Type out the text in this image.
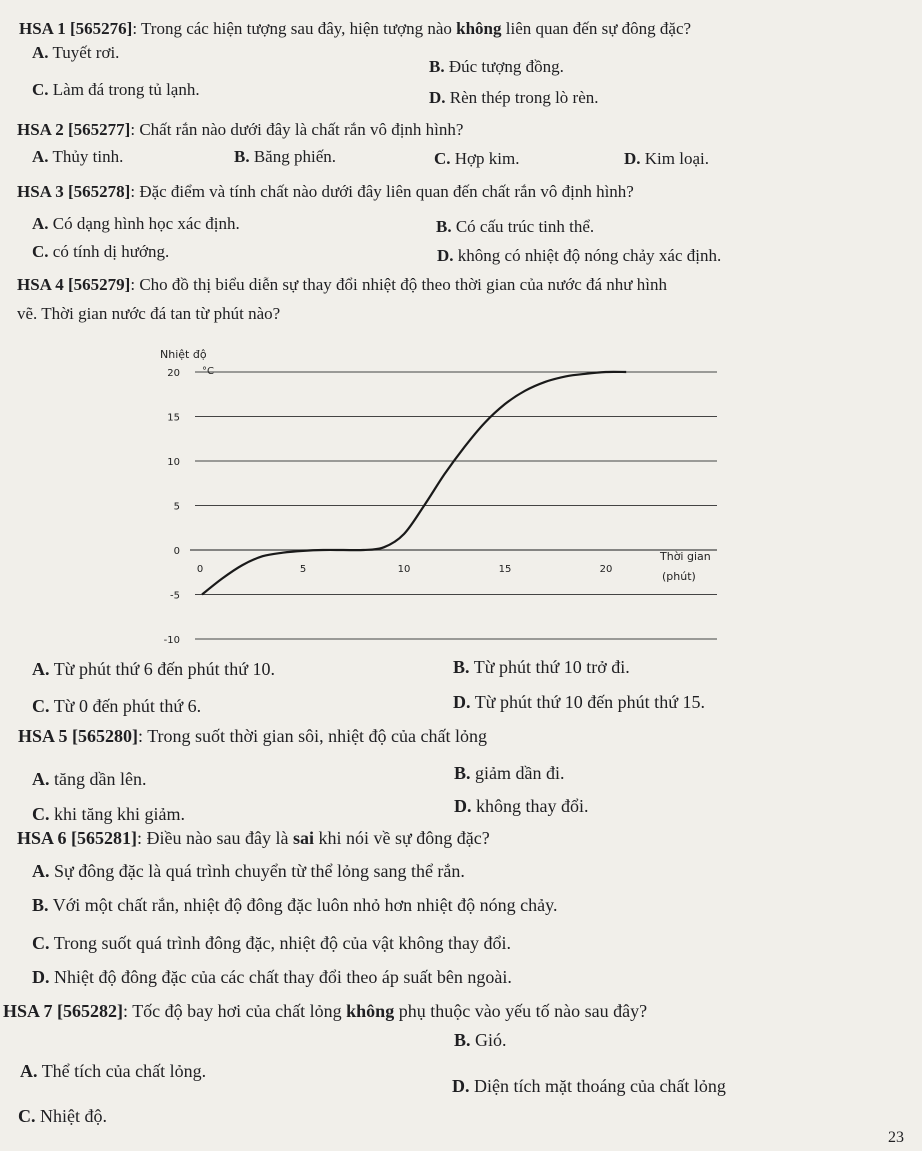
HSA 1 [565276]: Trong các hiện tượng sau đây, hiện tượng nào không liên quan đến sự đông đặc?
A. Tuyết rơi.
B. Đúc tượng đồng.
C. Làm đá trong tủ lạnh.	D. Rèn thép trong lò rèn.
HSA 2 [565277]: Chất rắn nào dưới đây là chất rắn vô định hình?
A. Thủy tinh.	B. Băng phiến.	C. Hợp kim.	D. Kim loại.
HSA 3 [565278]: Đặc điểm và tính chất nào dưới đây liên quan đến chất rắn vô định hình?
A. Có dạng hình học xác định.	B. Có cấu trúc tinh thể.
C. có tính dị hướng.	D. không có nhiệt độ nóng chảy xác định.
HSA 4 [565279]: Cho đồ thị biểu diễn sự thay đổi nhiệt độ theo thời gian của nước đá như hình
vẽ. Thời gian nước đá tan từ phút nào?
20
15
10
5
0
-5
-10
0	5	10	15	20
Nhiệt độ
°C
Thời gian
(phút)
A. Từ phút thứ 6 đến phút thứ 10.	B. Từ phút thứ 10 trở đi.
C. Từ 0 đến phút thứ 6.	D. Từ phút thứ 10 đến phút thứ 15.
HSA 5 [565280]: Trong suốt thời gian sôi, nhiệt độ của chất lỏng
A. tăng dần lên.	B. giảm dần đi.
C. khi tăng khi giảm.	D. không thay đổi.
HSA 6 [565281]: Điều nào sau đây là sai khi nói về sự đông đặc?
A. Sự đông đặc là quá trình chuyển từ thể lỏng sang thể rắn.
B. Với một chất rắn, nhiệt độ đông đặc luôn nhỏ hơn nhiệt độ nóng chảy.
C. Trong suốt quá trình đông đặc, nhiệt độ của vật không thay đổi.
D. Nhiệt độ đông đặc của các chất thay đổi theo áp suất bên ngoài.
HSA 7 [565282]: Tốc độ bay hơi của chất lỏng không phụ thuộc vào yếu tố nào sau đây?
B. Gió.
A. Thể tích của chất lỏng.
D. Diện tích mặt thoáng của chất lỏng
C. Nhiệt độ.
23
